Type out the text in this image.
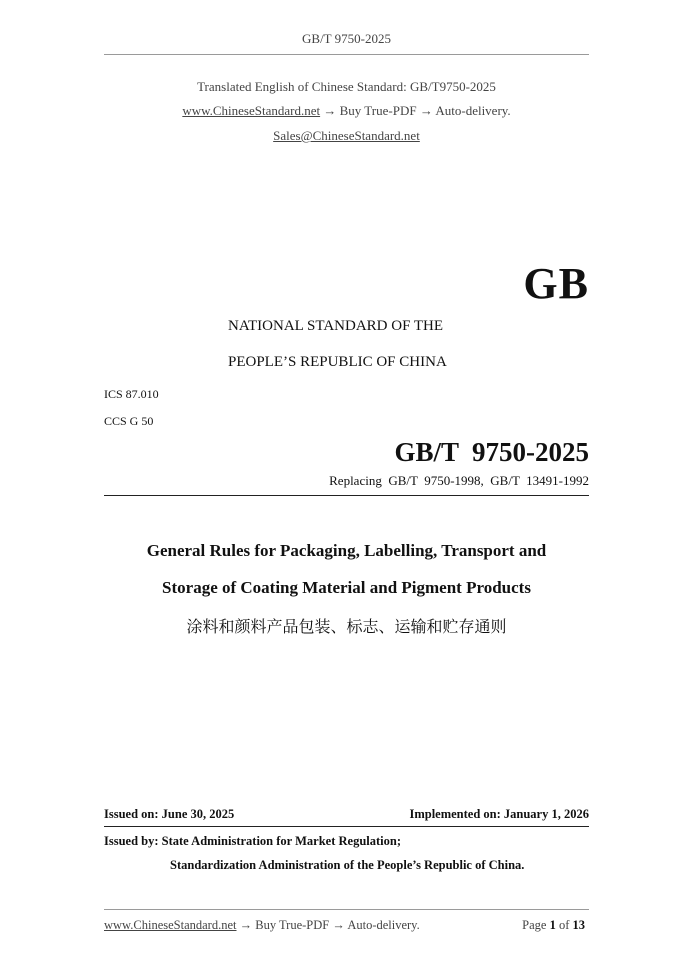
GB/T 9750-2025
Translated English of Chinese Standard: GB/T9750-2025
www.ChineseStandard.net → Buy True-PDF → Auto-delivery.
Sales@ChineseStandard.net
GB
NATIONAL STANDARD OF THE
PEOPLE’S REPUBLIC OF CHINA
ICS 87.010
CCS G 50
GB/T  9750-2025
Replacing  GB/T  9750-1998,  GB/T  13491-1992
General Rules for Packaging, Labelling, Transport and
Storage of Coating Material and Pigment Products
涂料和颜料产品包装、标志、运输和贮存通则
Issued on: June 30, 2025	Implemented on: January 1, 2026
Issued by: State Administration for Market Regulation;
Standardization Administration of the People’s Republic of China.
www.ChineseStandard.net → Buy True-PDF → Auto-delivery.	Page 1 of 13
